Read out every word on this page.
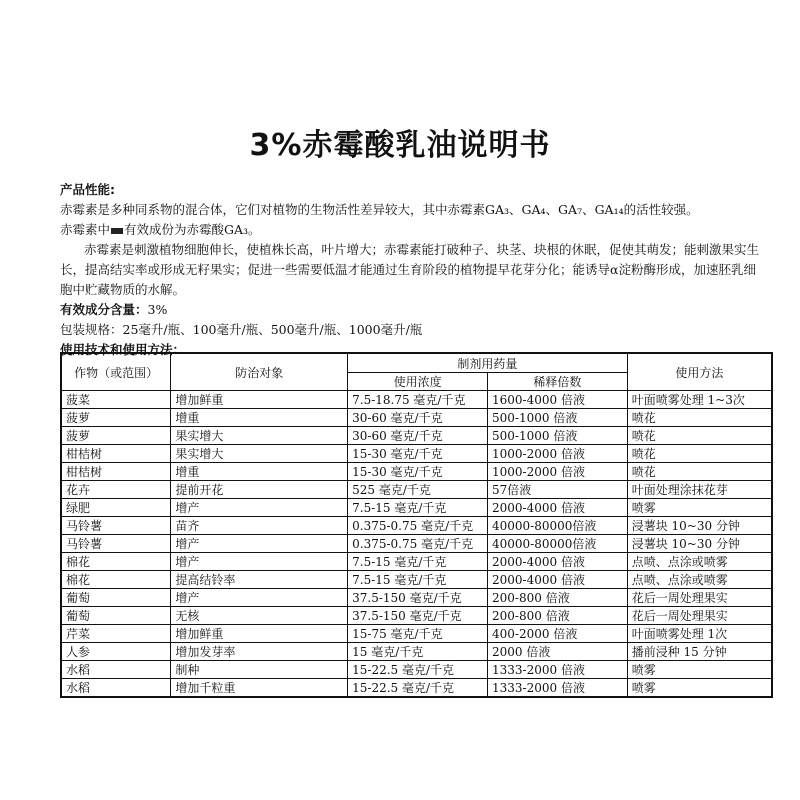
3%赤霉酸乳油说明书

产品性能:

赤霉素是多种同系物的混合体，它们对植物的生物活性差异较大，其中赤霉素GA₃、GA₄、GA₇、GA₁₄的活性较强。

赤霉素中 有效成份为赤霉酸GA₃。

赤霉素是刺激植物细胞伸长，使植株长高，叶片增大；赤霉素能打破种子、块茎、块根的休眠，促使其萌发；能刺激果实生长，提高结实率或形成无籽果实；促进一些需要低温才能通过生育阶段的植物提早花芽分化；能诱导α淀粉酶形成，加速胚乳细胞中贮藏物质的水解。

有效成分含量：3%

包装规格：25毫升/瓶、100毫升/瓶、500毫升/瓶、1000毫升/瓶

使用技术和使用方法：

作物（或范围）	防治对象	制剂用药量		使用方法
		使用浓度	稀释倍数	
菠菜	增加鲜重	7.5-18.75 毫克/千克	1600-4000 倍液	叶面喷雾处理 1~3次
菠萝	增重	30-60 毫克/千克	500-1000 倍液	喷花
菠萝	果实增大	30-60 毫克/千克	500-1000 倍液	喷花
柑桔树	果实增大	15-30 毫克/千克	1000-2000 倍液	喷花
柑桔树	增重	15-30 毫克/千克	1000-2000 倍液	喷花
花卉	提前开花	525 毫克/千克	57倍液	叶面处理涂抹花芽
绿肥	增产	7.5-15 毫克/千克	2000-4000 倍液	喷雾
马铃薯	苗齐	0.375-0.75 毫克/千克	40000-80000倍液	浸薯块 10~30 分钟
马铃薯	增产	0.375-0.75 毫克/千克	40000-80000倍液	浸薯块 10~30 分钟
棉花	增产	7.5-15 毫克/千克	2000-4000 倍液	点喷、点涂或喷雾
棉花	提高结铃率	7.5-15 毫克/千克	2000-4000 倍液	点喷、点涂或喷雾
葡萄	增产	37.5-150 毫克/千克	200-800 倍液	花后一周处理果实
葡萄	无核	37.5-150 毫克/千克	200-800 倍液	花后一周处理果实
芹菜	增加鲜重	15-75 毫克/千克	400-2000 倍液	叶面喷雾处理 1次
人参	增加发芽率	15 毫克/千克	2000 倍液	播前浸种 15 分钟
水稻	制种	15-22.5 毫克/千克	1333-2000 倍液	喷雾
水稻	增加千粒重	15-22.5 毫克/千克	1333-2000 倍液	喷雾
